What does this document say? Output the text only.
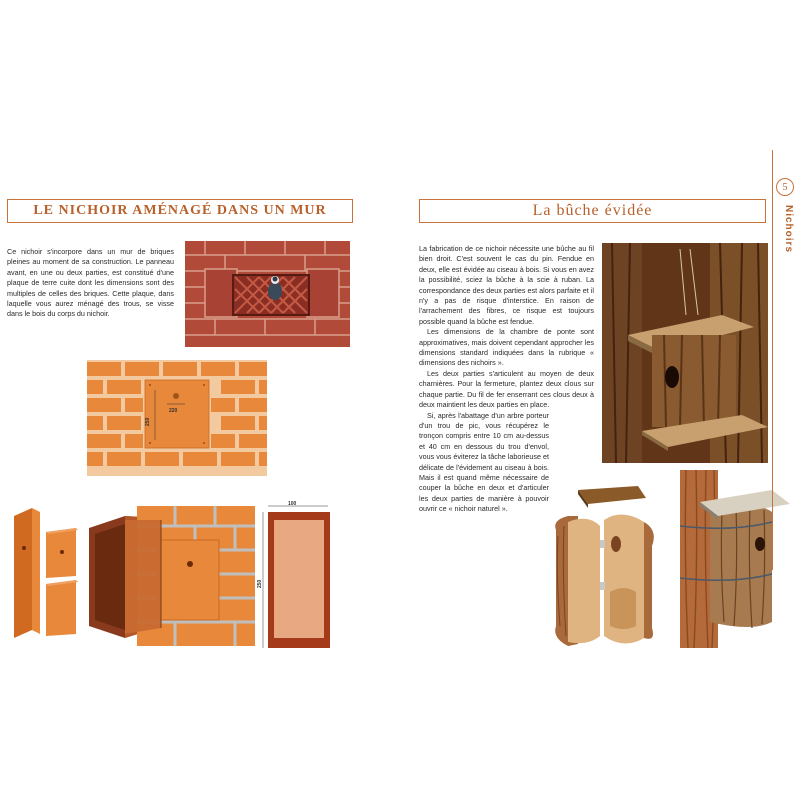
LE NICHOIR AMÉNAGÉ DANS UN MUR

Ce nichoir s'incorpore dans un mur de briques pleines au moment de sa construction. Le panneau avant, en une ou deux parties, est constitué d'une plaque de terre cuite dont les dimensions sont des multiples de celles des briques. Cette plaque, dans laquelle vous aurez ménagé des trous, se visse dans le bois du corps du nichoir.

220
250
100
250
La bûche évidée

La fabrication de ce nichoir nécessite une bûche au fil bien droit. C'est souvent le cas du pin. Fendue en deux, elle est évidée au ciseau à bois. Si vous en avez la possibilité, sciez la bûche à la scie à ruban. La correspondance des deux parties est alors parfaite et il n'y a pas de risque d'interstice. En raison de l'arrachement des fibres, ce risque est toujours possible quand la bûche est fendue.

Les dimensions de la chambre de ponte sont approximatives, mais doivent cependant approcher les dimensions standard indiquées dans la rubrique « dimensions des nichoirs ».

Les deux parties s'articulent au moyen de deux charnières. Pour la fermeture, plantez deux clous sur chaque partie. Du fil de fer enserrant ces clous deux à deux maintient les deux parties en place.

Si, après l'abattage d'un arbre porteur d'un trou de pic, vous récupérez le tronçon compris entre 10 cm au-dessus et 40 cm en dessous du trou d'envol, vous vous éviterez la tâche laborieuse et délicate de l'évidement au ciseau à bois. Mais il est quand même nécessaire de couper la bûche en deux et d'articuler les deux parties de manière à pouvoir ouvrir ce « nichoir naturel ».

5
Nichoirs
